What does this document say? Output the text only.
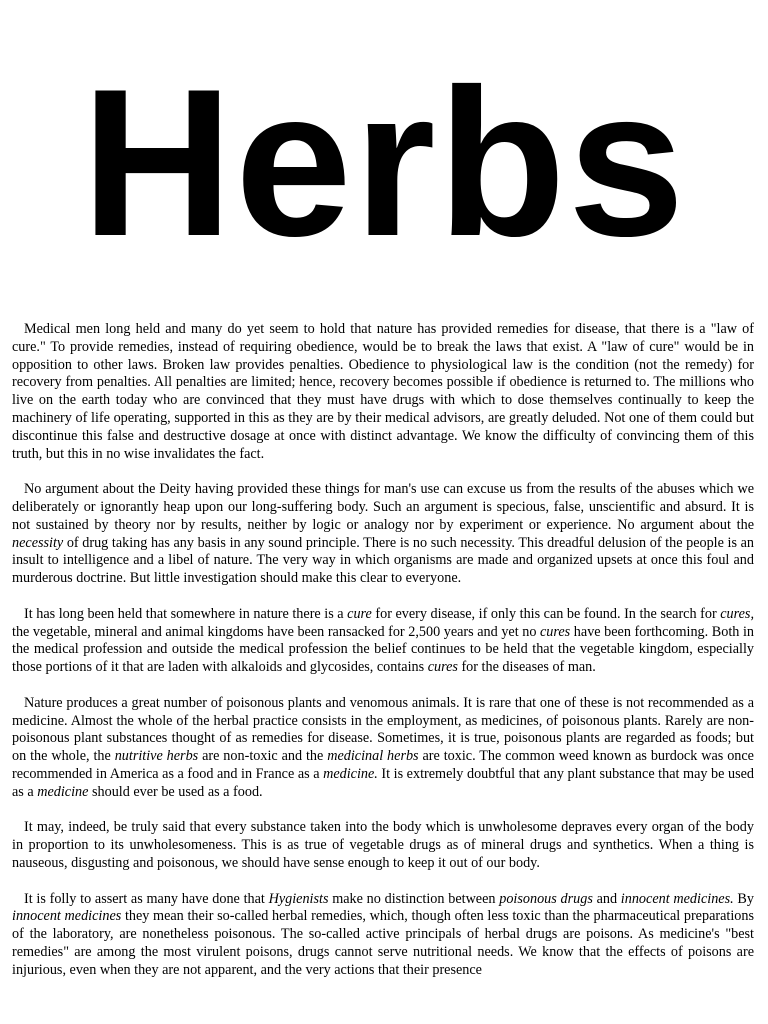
Herbs

Medical men long held and many do yet seem to hold that nature has provided remedies for disease, that there is a "law of cure." To provide remedies, instead of requiring obedience, would be to break the laws that exist. A "law of cure" would be in opposition to other laws. Broken law provides penalties. Obedience to physiological law is the condition (not the remedy) for recovery from penalties. All penalties are limited; hence, recovery becomes possible if obedience is returned to. The millions who live on the earth today who are convinced that they must have drugs with which to dose themselves continually to keep the machinery of life operating, supported in this as they are by their medical advisors, are greatly deluded. Not one of them could but discontinue this false and destructive dosage at once with distinct advantage. We know the difficulty of convincing them of this truth, but this in no wise invalidates the fact.

No argument about the Deity having provided these things for man's use can excuse us from the results of the abuses which we deliberately or ignorantly heap upon our long-suffering body. Such an argument is specious, false, unscientific and absurd. It is not sustained by theory nor by results, neither by logic or analogy nor by experiment or experience. No argument about the necessity of drug taking has any basis in any sound principle. There is no such necessity. This dreadful delusion of the people is an insult to intelligence and a libel of nature. The very way in which organisms are made and organized upsets at once this foul and murderous doctrine. But little investigation should make this clear to everyone.

It has long been held that somewhere in nature there is a cure for every disease, if only this can be found. In the search for cures, the vegetable, mineral and animal kingdoms have been ransacked for 2,500 years and yet no cures have been forthcoming. Both in the medical profession and outside the medical profession the belief continues to be held that the vegetable kingdom, especially those portions of it that are laden with alkaloids and glycosides, contains cures for the diseases of man.

Nature produces a great number of poisonous plants and venomous animals. It is rare that one of these is not recommended as a medicine. Almost the whole of the herbal practice consists in the employment, as medicines, of poisonous plants. Rarely are non-poisonous plant substances thought of as remedies for disease. Sometimes, it is true, poisonous plants are regarded as foods; but on the whole, the nutritive herbs are non-toxic and the medicinal herbs are toxic. The common weed known as burdock was once recommended in America as a food and in France as a medicine. It is extremely doubtful that any plant substance that may be used as a medicine should ever be used as a food.

It may, indeed, be truly said that every substance taken into the body which is unwholesome depraves every organ of the body in proportion to its unwholesomeness. This is as true of vegetable drugs as of mineral drugs and synthetics. When a thing is nauseous, disgusting and poisonous, we should have sense enough to keep it out of our body.

It is folly to assert as many have done that Hygienists make no distinction between poisonous drugs and innocent medicines. By innocent medicines they mean their so-called herbal remedies, which, though often less toxic than the pharmaceutical preparations of the laboratory, are nonetheless poisonous. The so-called active principals of herbal drugs are poisons. As medicine's "best remedies" are among the most virulent poisons, drugs cannot serve nutritional needs. We know that the effects of poisons are injurious, even when they are not apparent, and the very actions that their presence
